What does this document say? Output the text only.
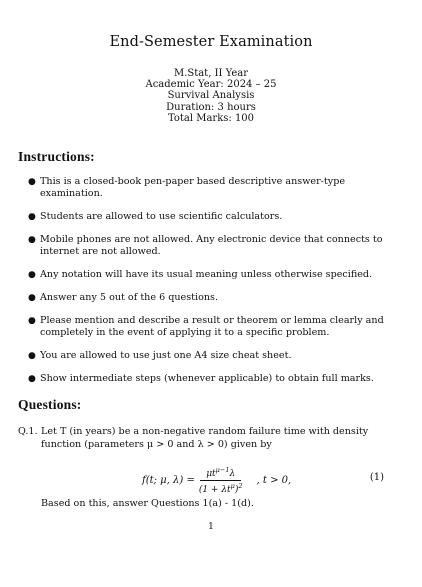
End-Semester Examination
M.Stat, II Year
Academic Year: 2024 – 25
Survival Analysis
Duration: 3 hours
Total Marks: 100
Instructions:
● This is a closed-book pen-paper based descriptive answer-type examination.
● Students are allowed to use scientific calculators.
● Mobile phones are not allowed. Any electronic device that connects to internet are not allowed.
● Any notation will have its usual meaning unless otherwise specified.
● Answer any 5 out of the 6 questions.
● Please mention and describe a result or theorem or lemma clearly and completely in the event of applying it to a specific problem.
● You are allowed to use just one A4 size cheat sheet.
● Show intermediate steps (whenever applicable) to obtain full marks.
Questions:
Q.1. Let T (in years) be a non-negative random failure time with density function (parameters μ > 0 and λ > 0) given by
f(t; μ, $\lambda) = \frac{\mu t^{\mu-1}\lambda}{(1 + \lambda t^\mu)^2}$ , t > 0,	(1)
Based on this, answer Questions 1(a) - 1(d).
1
